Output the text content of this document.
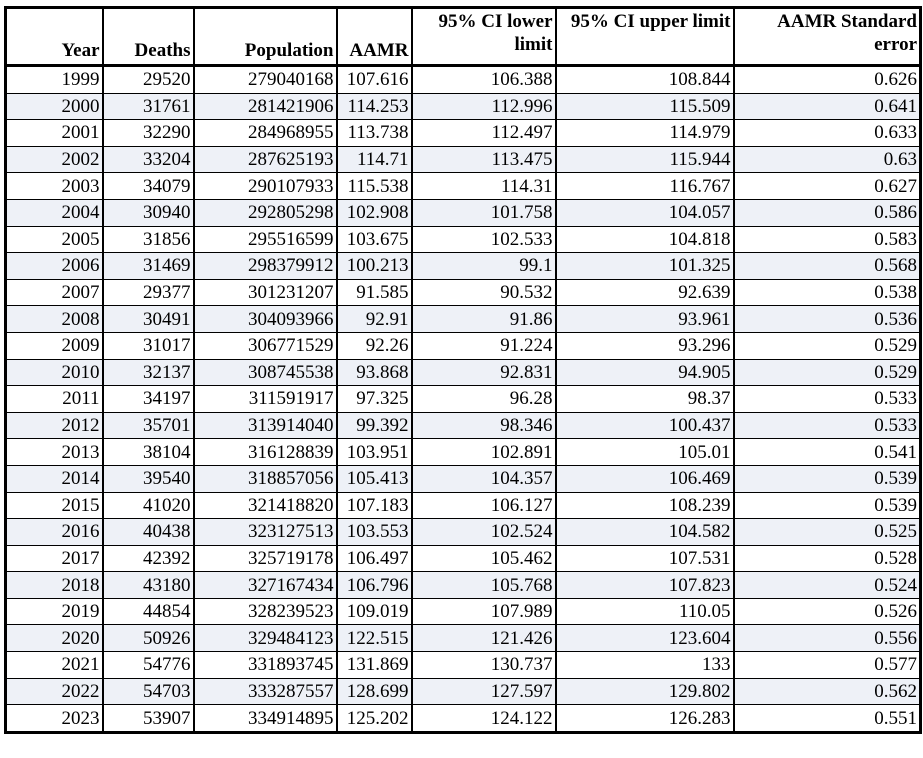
Year	Deaths	Population	AAMR	95% CI lower limit	95% CI upper limit	AAMR Standard error
1999	29520	279040168	107.616	106.388	108.844	0.626
2000	31761	281421906	114.253	112.996	115.509	0.641
2001	32290	284968955	113.738	112.497	114.979	0.633
2002	33204	287625193	114.71	113.475	115.944	0.63
2003	34079	290107933	115.538	114.31	116.767	0.627
2004	30940	292805298	102.908	101.758	104.057	0.586
2005	31856	295516599	103.675	102.533	104.818	0.583
2006	31469	298379912	100.213	99.1	101.325	0.568
2007	29377	301231207	91.585	90.532	92.639	0.538
2008	30491	304093966	92.91	91.86	93.961	0.536
2009	31017	306771529	92.26	91.224	93.296	0.529
2010	32137	308745538	93.868	92.831	94.905	0.529
2011	34197	311591917	97.325	96.28	98.37	0.533
2012	35701	313914040	99.392	98.346	100.437	0.533
2013	38104	316128839	103.951	102.891	105.01	0.541
2014	39540	318857056	105.413	104.357	106.469	0.539
2015	41020	321418820	107.183	106.127	108.239	0.539
2016	40438	323127513	103.553	102.524	104.582	0.525
2017	42392	325719178	106.497	105.462	107.531	0.528
2018	43180	327167434	106.796	105.768	107.823	0.524
2019	44854	328239523	109.019	107.989	110.05	0.526
2020	50926	329484123	122.515	121.426	123.604	0.556
2021	54776	331893745	131.869	130.737	133	0.577
2022	54703	333287557	128.699	127.597	129.802	0.562
2023	53907	334914895	125.202	124.122	126.283	0.551
